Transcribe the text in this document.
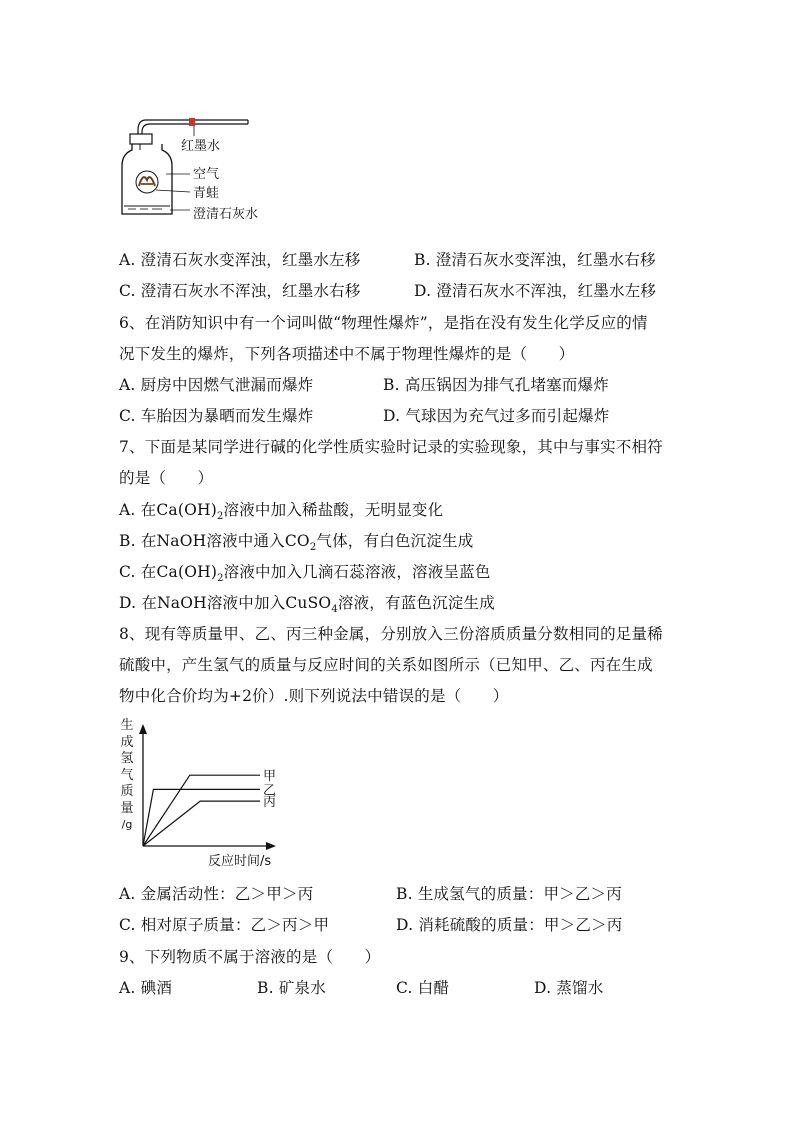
红墨水
空气
青蛙
澄清石灰水
A. 澄清石灰水变浑浊，红墨水左移	B. 澄清石灰水变浑浊，红墨水右移
C. 澄清石灰水不浑浊，红墨水右移	D. 澄清石灰水不浑浊，红墨水左移
6、在消防知识中有一个词叫做“物理性爆炸”，是指在没有发生化学反应的情
况下发生的爆炸，下列各项描述中不属于物理性爆炸的是（　　）
A. 厨房中因燃气泄漏而爆炸	B. 高压锅因为排气孔堵塞而爆炸
C. 车胎因为暴晒而发生爆炸	D. 气球因为充气过多而引起爆炸
7、下面是某同学进行碱的化学性质实验时记录的实验现象，其中与事实不相符
的是（　　）
A. 在$Ca(OH)_2$溶液中加入稀盐酸，无明显变化
B. 在NaOH溶液中通入$CO_2$气体，有白色沉淀生成
C. 在$Ca(OH)_2$溶液中加入几滴石蕊溶液，溶液呈蓝色
D. 在NaOH溶液中加入CuSO$_4$溶液，有蓝色沉淀生成
8、现有等质量甲、乙、丙三种金属，分别放入三份溶质质量分数相同的足量稀
硫酸中，产生氢气的质量与反应时间的关系如图所示（已知甲、乙、丙在生成
物中化合价均为+2价）.则下列说法中错误的是（　　）
生
成
氢
气
质
量
/g
甲
乙
丙
反应时间/s
A. 金属活动性：乙＞甲＞丙	B. 生成氢气的质量：甲＞乙＞丙
C. 相对原子质量：乙＞丙＞甲	D. 消耗硫酸的质量：甲＞乙＞丙
9、下列物质不属于溶液的是（　　）
A. 碘酒	B. 矿泉水	C. 白醋	D. 蒸馏水
